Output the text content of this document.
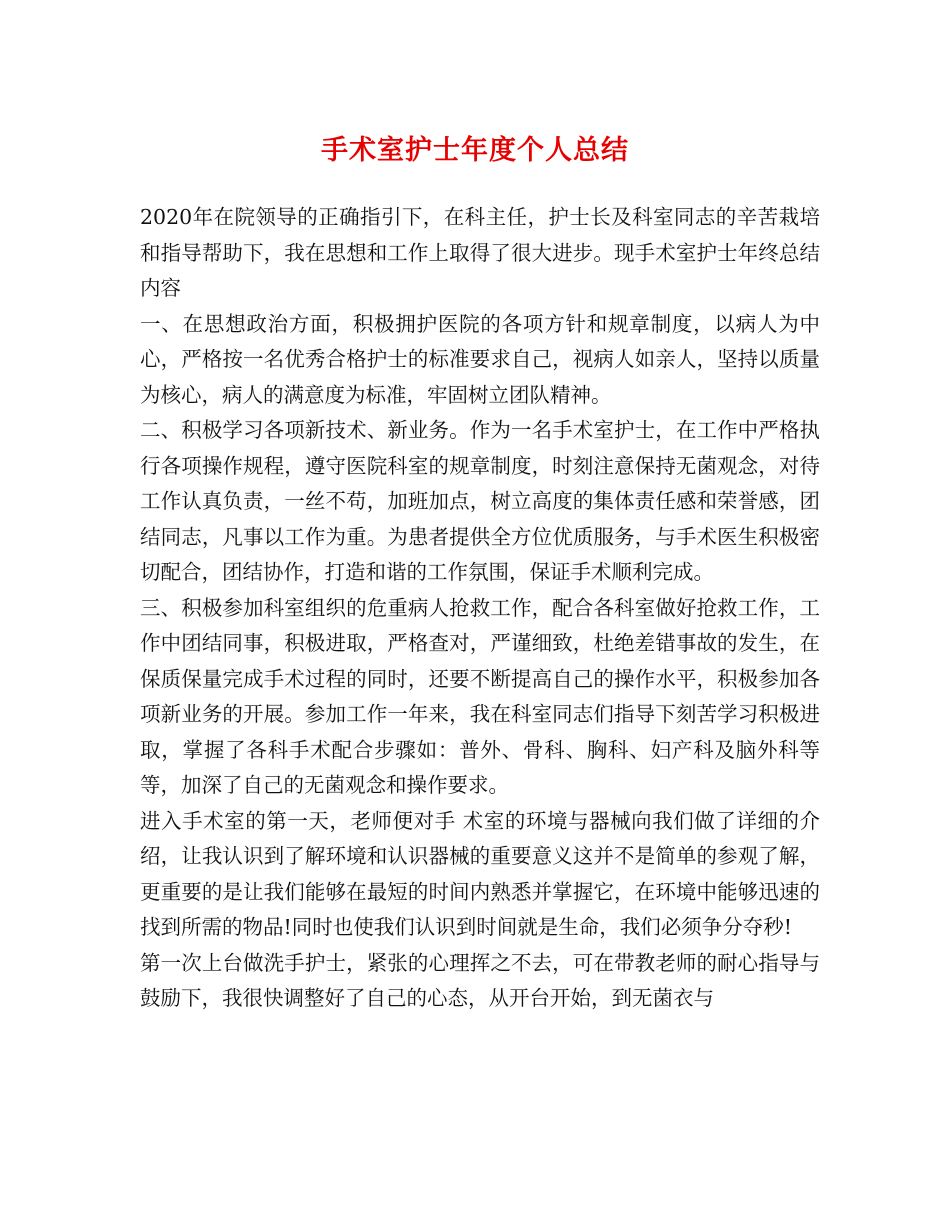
手术室护士年度个人总结

2020年在院领导的正确指引下，在科主任，护士长及科室同志的辛苦栽培和指导帮助下，我在思想和工作上取得了很大进步。现手术室护士年终总结内容

一、在思想政治方面，积极拥护医院的各项方针和规章制度，以病人为中心，严格按一名优秀合格护士的标准要求自己，视病人如亲人，坚持以质量为核心，病人的满意度为标准，牢固树立团队精神。

二、积极学习各项新技术、新业务。作为一名手术室护士，在工作中严格执行各项操作规程，遵守医院科室的规章制度，时刻注意保持无菌观念，对待工作认真负责，一丝不苟，加班加点，树立高度的集体责任感和荣誉感，团结同志，凡事以工作为重。为患者提供全方位优质服务，与手术医生积极密切配合，团结协作，打造和谐的工作氛围，保证手术顺利完成。

三、积极参加科室组织的危重病人抢救工作，配合各科室做好抢救工作，工作中团结同事，积极进取，严格查对，严谨细致，杜绝差错事故的发生，在保质保量完成手术过程的同时，还要不断提高自己的操作水平，积极参加各项新业务的开展。参加工作一年来，我在科室同志们指导下刻苦学习积极进取，掌握了各科手术配合步骤如：普外、骨科、胸科、妇产科及脑外科等等，加深了自己的无菌观念和操作要求。

进入手术室的第一天，老师便对手 术室的环境与器械向我们做了详细的介绍，让我认识到了解环境和认识器械的重要意义这并不是简单的参观了解，更重要的是让我们能够在最短的时间内熟悉并掌握它，在环境中能够迅速的找到所需的物品!同时也使我们认识到时间就是生命，我们必须争分夺秒!

第一次上台做洗手护士，紧张的心理挥之不去，可在带教老师的耐心指导与鼓励下，我很快调整好了自己的心态，从开台开始，到无菌衣与
